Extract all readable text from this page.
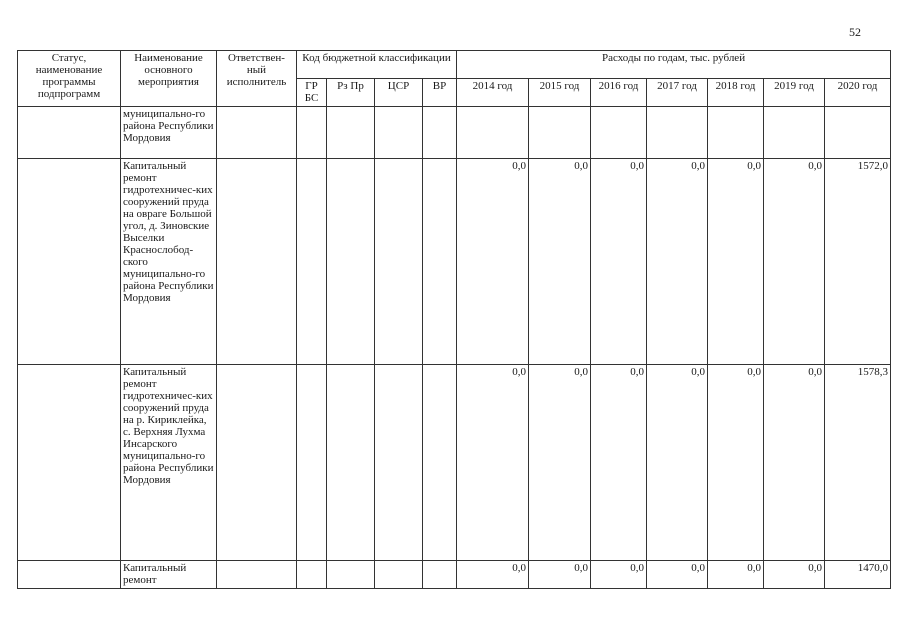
52
Статус, наименование программы подпрограмм	Наименование основного мероприятия	Ответствен-ный исполнитель	Код бюджетной классификации				Расходы по годам, тыс. рублей						
			ГР БС	Рз Пр	ЦСР	ВР	2014 год	2015 год	2016 год	2017 год	2018 год	2019 год	2020 год
	муниципально-го района Республики Мордовия												
	Капитальный ремонт гидротехничес-ких сооружений пруда на овраге Большой угол, д. Зиновские Выселки Краснослобод-ского муниципально-го района Республики Мордовия						0,0	0,0	0,0	0,0	0,0	0,0	1572,0
	Капитальный ремонт гидротехничес-ких сооружений пруда на р. Кириклейка, с. Верхняя Лухма Инсарского муниципально-го района Республики Мордовия						0,0	0,0	0,0	0,0	0,0	0,0	1578,3
	Капитальный ремонт						0,0	0,0	0,0	0,0	0,0	0,0	1470,0
